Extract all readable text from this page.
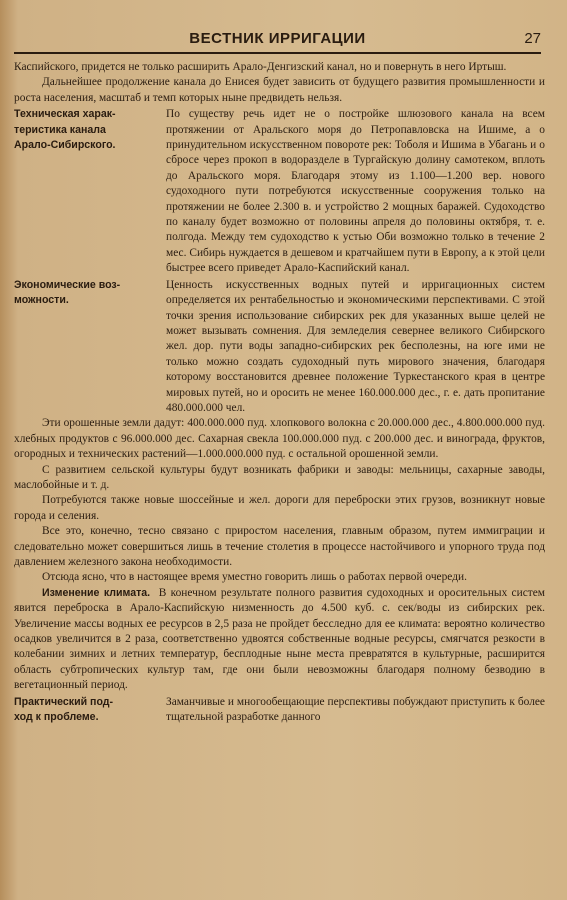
ВЕСТНИК ИРРИГАЦИИ	27

Каспийского, придется не только расширить Арало-Денгизский канал, но и повернуть в него Иртыш.

Дальнейшее продолжение канала до Енисея будет зависить от будущего развития промышленности и роста населения, масштаб и темп которых ныне предвидеть нельзя.

Техническая харак-
теристика канала
Арало-Сибирского.

По существу речь идет не о постройке шлюзового канала на всем протяжении от Аральского моря до Петропавловска на Ишиме, а о принудительном искусственном повороте рек: Тоболя и Ишима в Убагань и о сбросе через прокоп в водоразделе в Тургайскую долину самотеком, вплоть до Аральского моря. Благодаря этому из 1.100—1.200 вер. нового судоходного пути потребуются искусственные сооружения только на протяжении не более 2.300 в. и устройство 2 мощных баражей. Судоходство по каналу будет возможно от половины апреля до половины октября, т. е. полгода. Между тем судоходство к устью Оби возможно только в течение 2 мес. Сибирь нуждается в дешевом и кратчайшем пути в Европу, а к этой цели быстрее всего приведет Арало-Каспийский канал.

Экономические воз-
можности.

Ценность искусственных водных путей и ирригационных систем определяется их рентабельностью и экономическими перспективами. С этой точки зрения использование сибирских рек для указанных выше целей не может вызывать сомнения. Для земледелия севернее великого Сибирского жел. дор. пути воды западно-сибирских рек бесполезны, на юге ими не только можно создать судоходный путь мирового значения, благодаря которому восстановится древнее положение Туркестанского края в центре мировых путей, но и оросить не менее 160.000.000 дес., г. е. дать пропитание 480.000.000 чел.

Эти орошенные земли дадут: 400.000.000 пуд. хлопкового волокна с 20.000.000 дес., 4.800.000.000 пуд. хлебных продуктов с 96.000.000 дес. Сахарная свекла 100.000.000 пуд. с 200.000 дес. и винограда, фруктов, огородных и технических растений—1.000.000.000 пуд. с остальной орошенной земли.

С развитием сельской культуры будут возникать фабрики и заводы: мельницы, сахарные заводы, маслобойные и т. д.

Потребуются также новые шоссейные и жел. дороги для переброски этих грузов, возникнут новые города и селения.

Все это, конечно, тесно связано с приростом населения, главным образом, путем иммиграции и следовательно может совершиться лишь в течение столетия в процессе настойчивого и упорного труда под давлением железного закона необходимости.

Отсюда ясно, что в настоящее время уместно говорить лишь о работах первой очереди.

Изменение климата. В конечном результате полного развития судоходных и оросительных систем явится переброска в Арало-Каспийскую низменность до 4.500 куб. с. сек/воды из сибирских рек. Увеличение массы водных ее ресурсов в 2,5 раза не пройдет бесследно для ее климата: вероятно количество осадков увеличится в 2 раза, соответственно удвоятся собственные водные ресурсы, смягчатся резкости в колебании зимних и летних температур, бесплодные ныне места превратятся в культурные, расширится область субтропических культур там, где они были невозможны благодаря полному безводию в вегетационный период.

Практический под-
ход к проблеме.

Заманчивые и многообещающие перспективы побуждают приступить к более тщательной разработке данного
